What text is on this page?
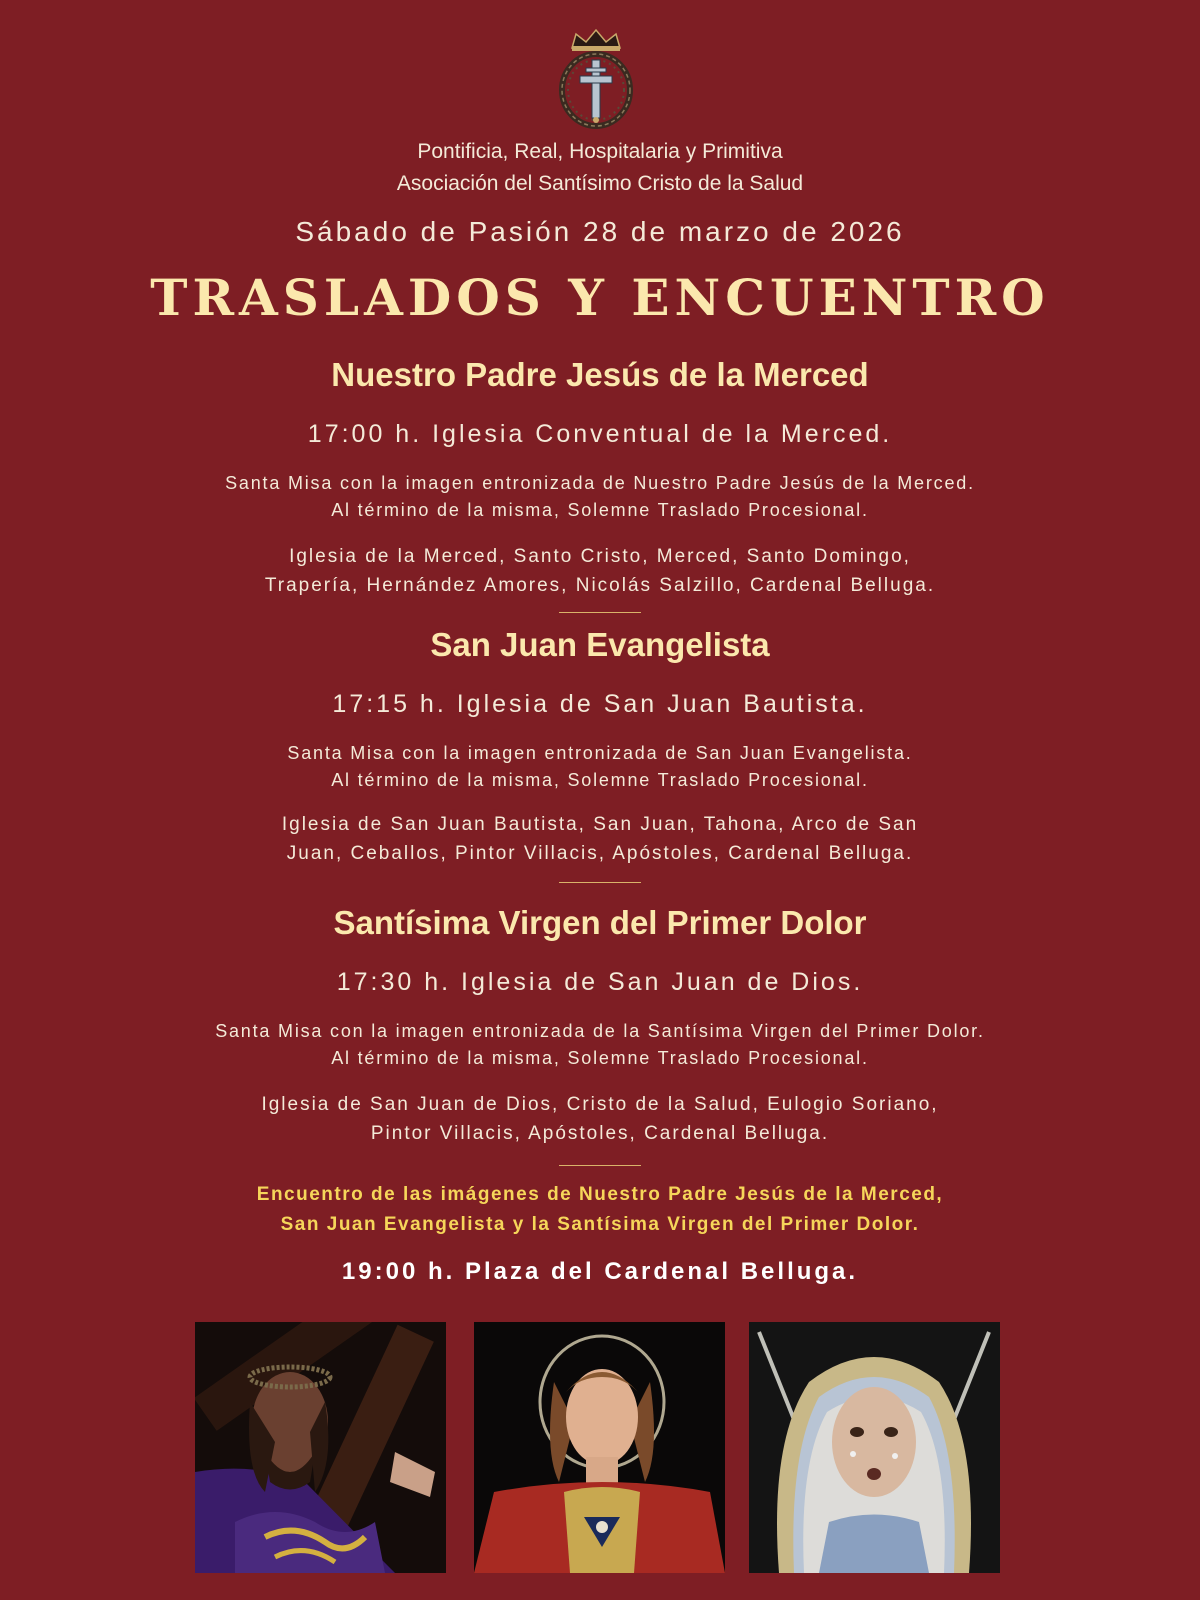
Pontificia, Real, Hospitalaria y Primitiva
Asociación del Santísimo Cristo de la Salud
Sábado de Pasión 28 de marzo de 2026
TRASLADOS Y ENCUENTRO
Nuestro Padre Jesús de la Merced
17:00 h. Iglesia Conventual de la Merced.
Santa Misa con la imagen entronizada de Nuestro Padre Jesús de la Merced.
Al término de la misma, Solemne Traslado Procesional.
Iglesia de la Merced, Santo Cristo, Merced, Santo Domingo,
Trapería, Hernández Amores, Nicolás Salzillo, Cardenal Belluga.
San Juan Evangelista
17:15 h. Iglesia de San Juan Bautista.
Santa Misa con la imagen entronizada de San Juan Evangelista.
Al término de la misma, Solemne Traslado Procesional.
Iglesia de San Juan Bautista, San Juan, Tahona, Arco de San
Juan, Ceballos, Pintor Villacis, Apóstoles, Cardenal Belluga.
Santísima Virgen del Primer Dolor
17:30 h. Iglesia de San Juan de Dios.
Santa Misa con la imagen entronizada de la Santísima Virgen del Primer Dolor.
Al término de la misma, Solemne Traslado Procesional.
Iglesia de San Juan de Dios, Cristo de la Salud, Eulogio Soriano,
Pintor Villacis, Apóstoles, Cardenal Belluga.
Encuentro de las imágenes de Nuestro Padre Jesús de la Merced,
San Juan Evangelista y la Santísima Virgen del Primer Dolor.
19:00 h. Plaza del Cardenal Belluga.
